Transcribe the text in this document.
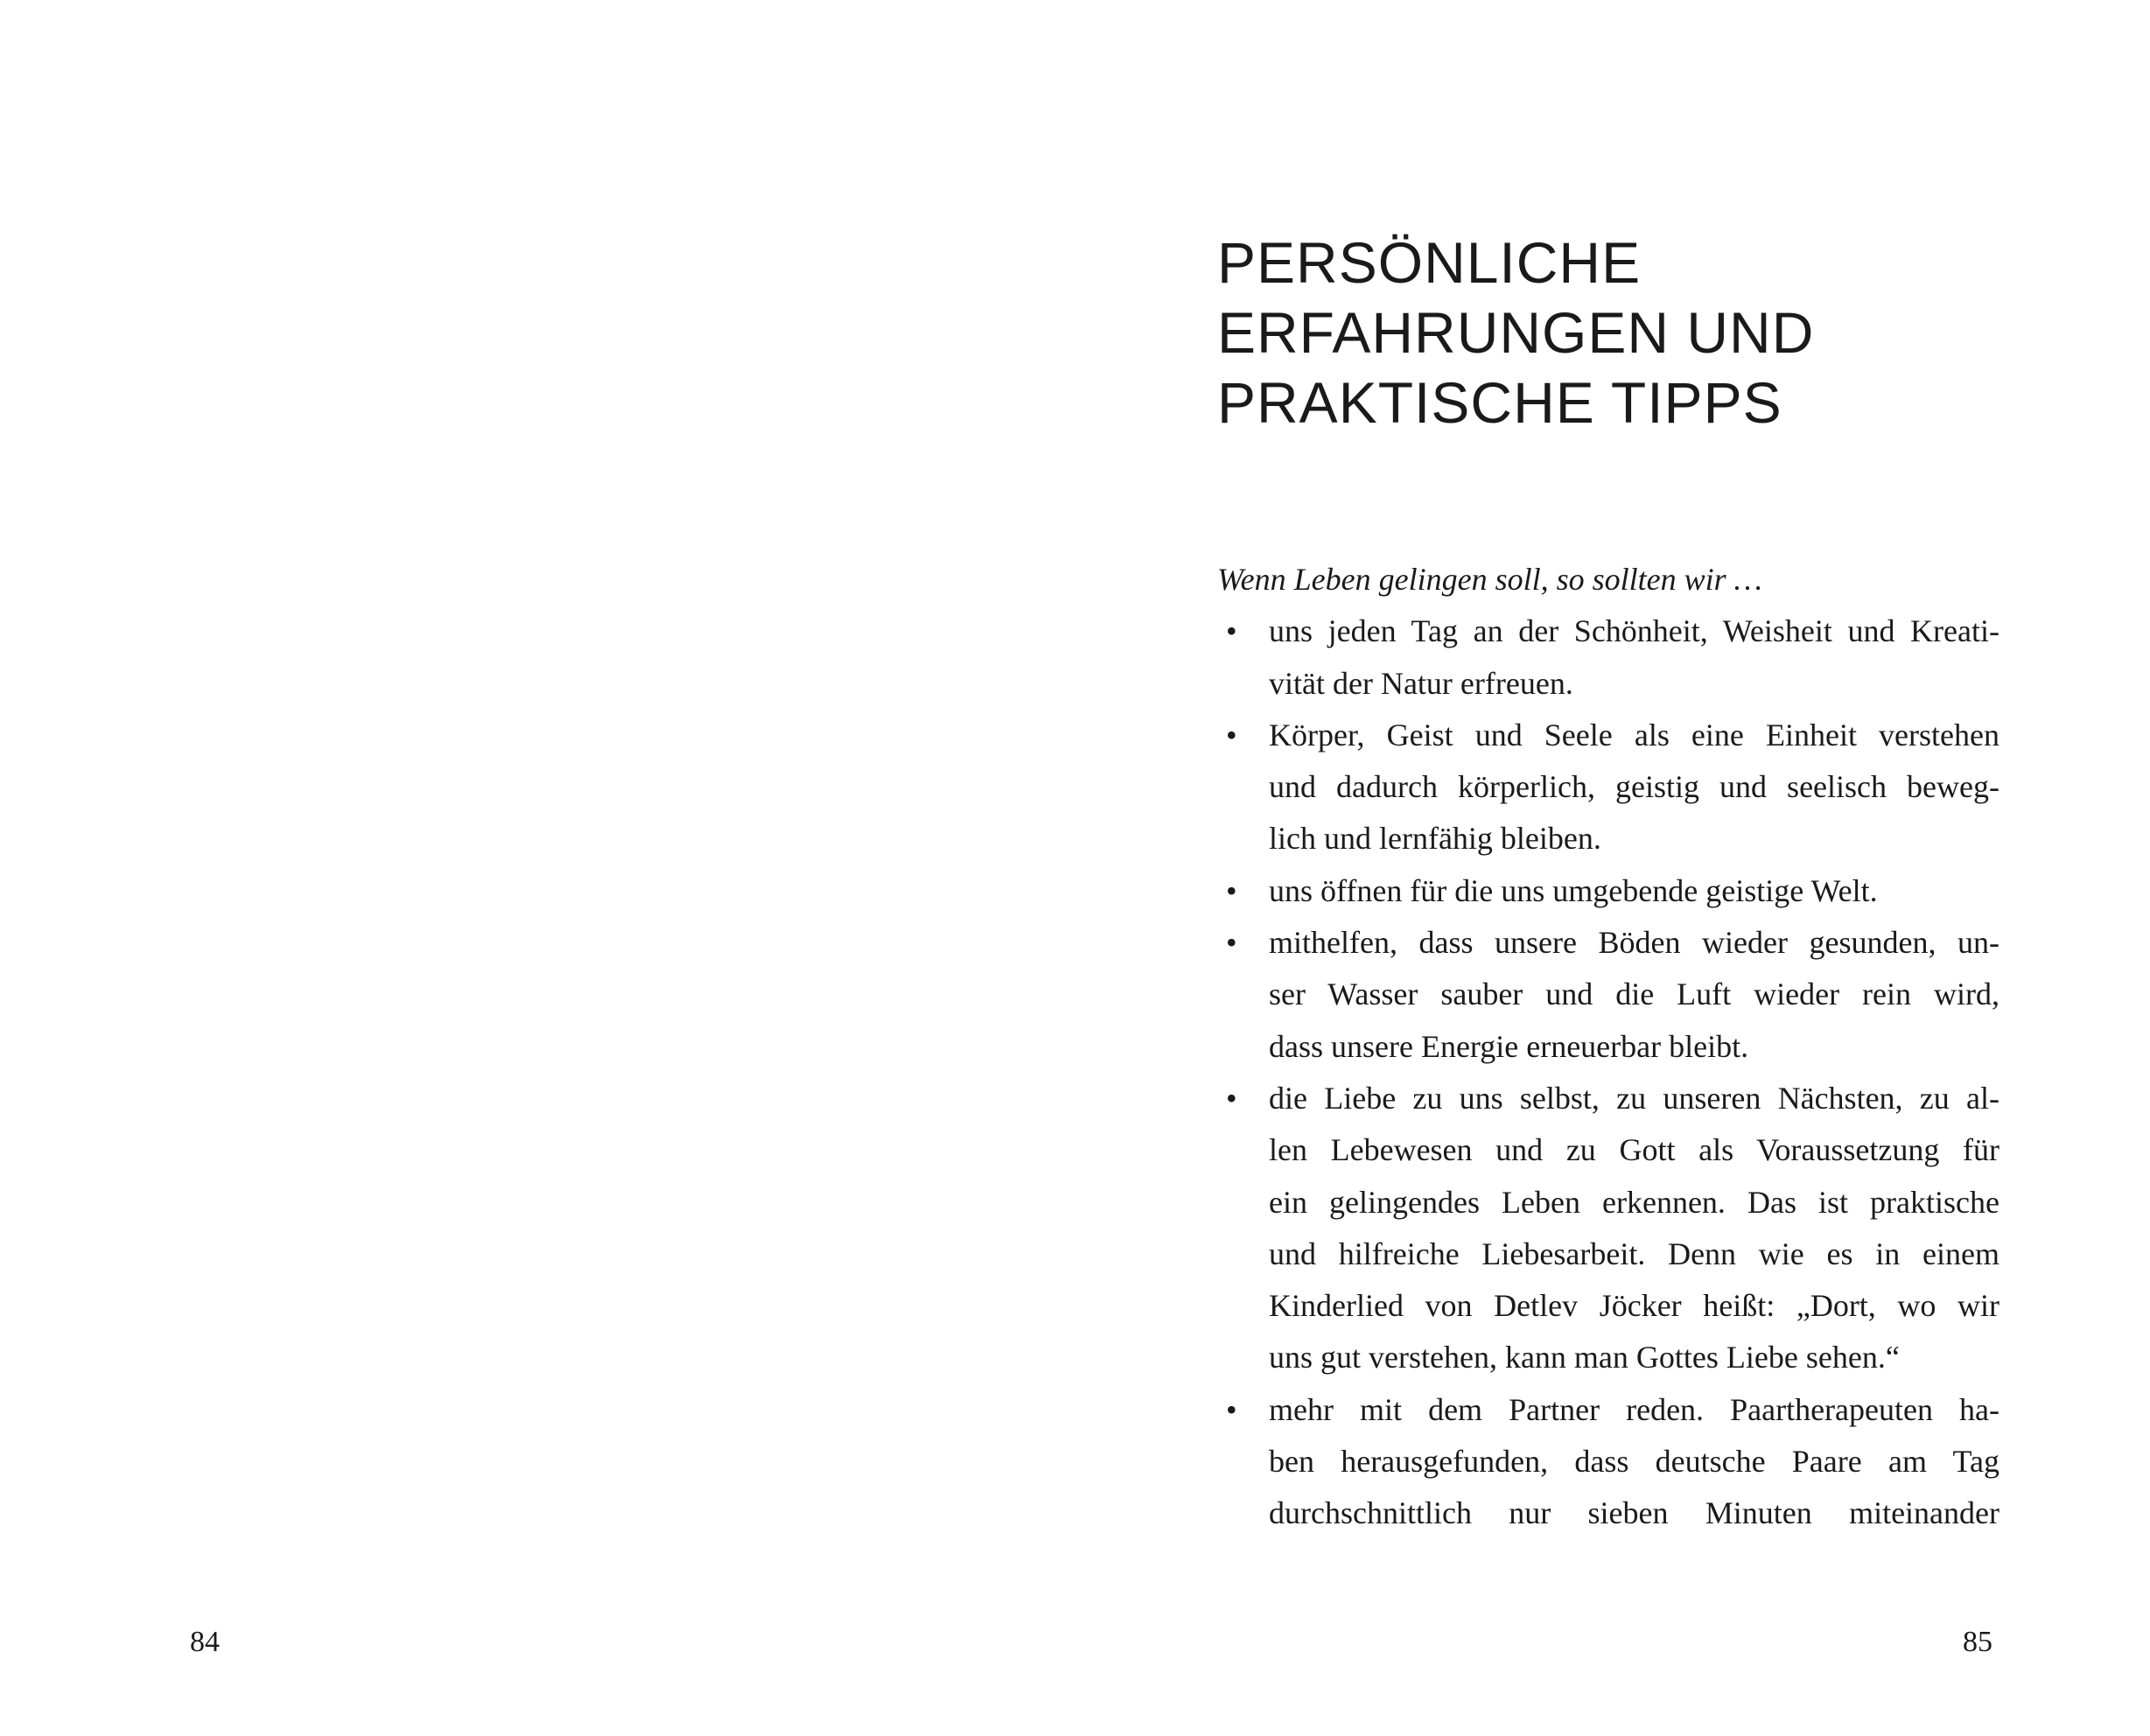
84
PERSÖNLICHE
ERFAHRUNGEN UND
PRAKTISCHE TIPPS
Wenn Leben gelingen soll, so sollten wir …
• uns jeden Tag an der Schönheit, Weisheit und Kreati-
vität der Natur erfreuen.
• Körper, Geist und Seele als eine Einheit verstehen
und dadurch körperlich, geistig und seelisch beweg-
lich und lernfähig bleiben.
• uns öffnen für die uns umgebende geistige Welt.
• mithelfen, dass unsere Böden wieder gesunden, un-
ser Wasser sauber und die Luft wieder rein wird,
dass unsere Energie erneuerbar bleibt.
• die Liebe zu uns selbst, zu unseren Nächsten, zu al-
len Lebewesen und zu Gott als Voraussetzung für
ein gelingendes Leben erkennen. Das ist praktische
und hilfreiche Liebesarbeit. Denn wie es in einem
Kinderlied von Detlev Jöcker heißt: „Dort, wo wir
uns gut verstehen, kann man Gottes Liebe sehen.“
• mehr mit dem Partner reden. Paartherapeuten ha-
ben herausgefunden, dass deutsche Paare am Tag
durchschnittlich nur sieben Minuten miteinander
85
